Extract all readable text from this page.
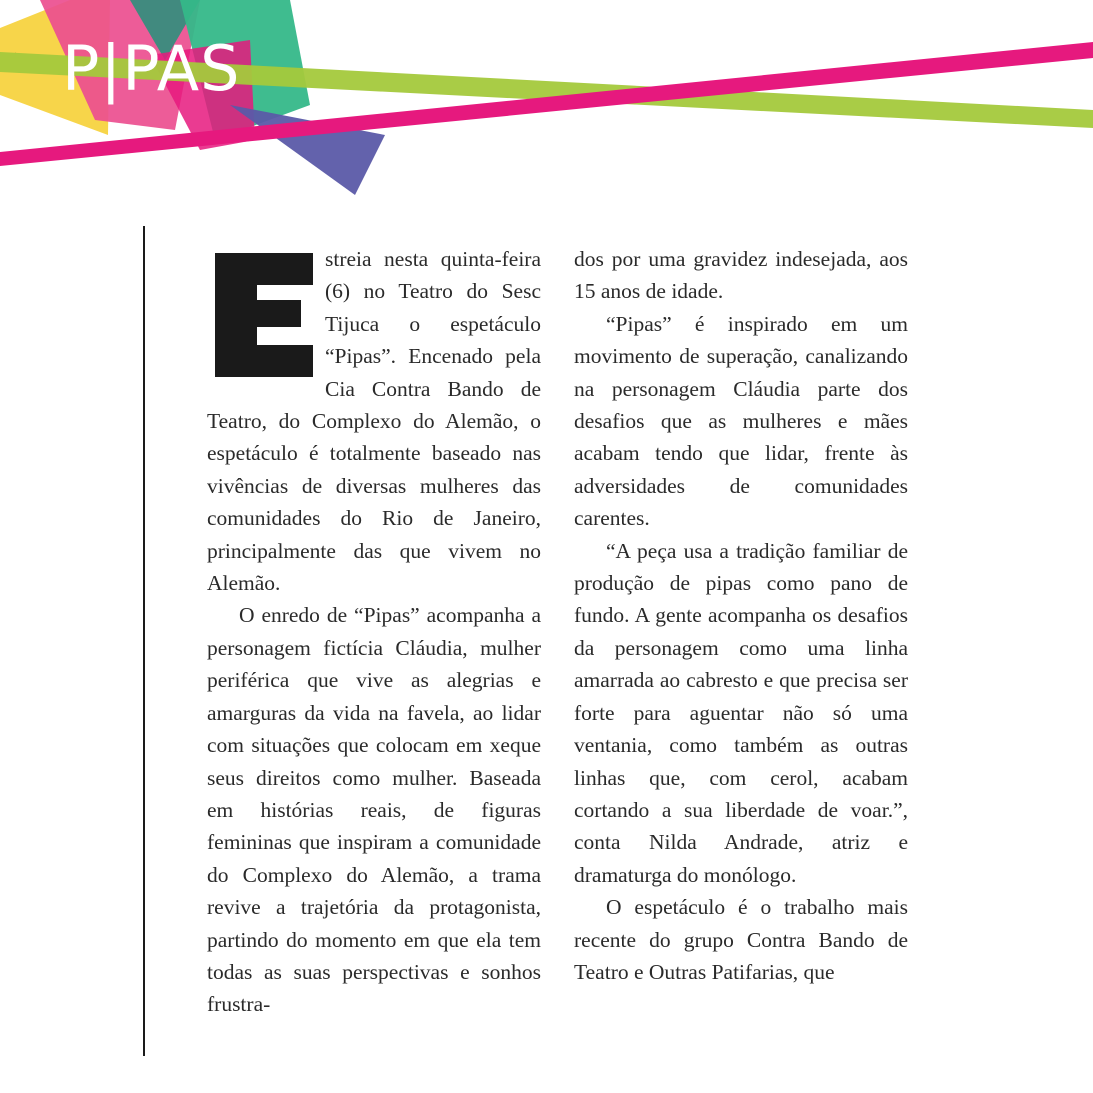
P|PAS
E

streia nesta quinta-feira (6) no Teatro do Sesc Tijuca o espetáculo “Pipas”. Encenado pela Cia Contra Bando de Teatro, do Complexo do Alemão, o espetáculo é totalmente baseado nas vivências de diversas mulheres das comunidades do Rio de Janeiro, principalmente das que vivem no Alemão.

O enredo de “Pipas” acompanha a personagem fictícia Cláudia, mulher periférica que vive as alegrias e amarguras da vida na favela, ao lidar com situações que colocam em xeque seus direitos como mulher. Baseada em histórias reais, de figuras femininas que inspiram a comunidade do Complexo do Alemão, a trama revive a trajetória da protagonista, partindo do momento em que ela tem todas as suas perspectivas e sonhos frustra-

dos por uma gravidez indesejada, aos 15 anos de idade.

“Pipas” é inspirado em um movimento de superação, canalizando na personagem Cláudia parte dos desafios que as mulheres e mães acabam tendo que lidar, frente às adversidades de comunidades carentes.

“A peça usa a tradição familiar de produção de pipas como pano de fundo. A gente acompanha os desafios da personagem como uma linha amarrada ao cabresto e que precisa ser forte para aguentar não só uma ventania, como também as outras linhas que, com cerol, acabam cortando a sua liberdade de voar.”, conta Nilda Andrade, atriz e dramaturga do monólogo.

O espetáculo é o trabalho mais recente do grupo Contra Bando de Teatro e Outras Patifarias, que
